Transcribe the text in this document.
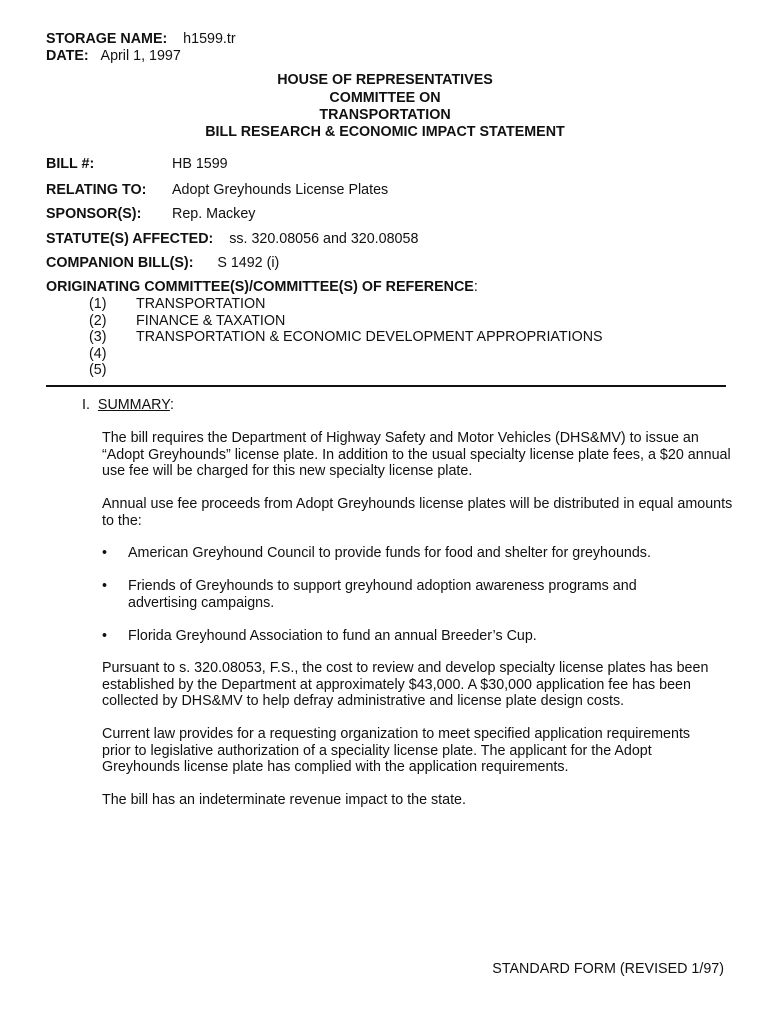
STORAGE NAME: h1599.tr
DATE: April 1, 1997
HOUSE OF REPRESENTATIVES
COMMITTEE ON
TRANSPORTATION
BILL RESEARCH & ECONOMIC IMPACT STATEMENT
BILL #:	HB 1599
RELATING TO: Adopt Greyhounds License Plates
SPONSOR(S): Rep. Mackey
STATUTE(S) AFFECTED: ss. 320.08056 and 320.08058
COMPANION BILL(S): S 1492 (i)
ORIGINATING COMMITTEE(S)/COMMITTEE(S) OF REFERENCE:
(1) TRANSPORTATION
(2) FINANCE & TAXATION
(3) TRANSPORTATION & ECONOMIC DEVELOPMENT APPROPRIATIONS
(4)
(5)
I. SUMMARY:
The bill requires the Department of Highway Safety and Motor Vehicles (DHS&MV) to issue an “Adopt Greyhounds” license plate. In addition to the usual specialty license plate fees, a $20 annual use fee will be charged for this new specialty license plate.
Annual use fee proceeds from Adopt Greyhounds license plates will be distributed in equal amounts to the:
• American Greyhound Council to provide funds for food and shelter for greyhounds.
• Friends of Greyhounds to support greyhound adoption awareness programs and advertising campaigns.
• Florida Greyhound Association to fund an annual Breeder’s Cup.
Pursuant to s. 320.08053, F.S., the cost to review and develop specialty license plates has been established by the Department at approximately $43,000. A $30,000 application fee has been collected by DHS&MV to help defray administrative and license plate design costs.
Current law provides for a requesting organization to meet specified application requirements prior to legislative authorization of a speciality license plate. The applicant for the Adopt Greyhounds license plate has complied with the application requirements.
The bill has an indeterminate revenue impact to the state.
STANDARD FORM (REVISED 1/97)
